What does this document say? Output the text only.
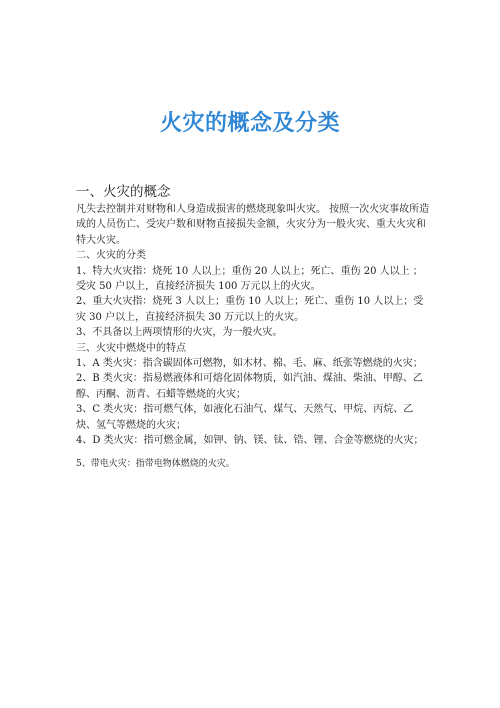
火灾的概念及分类
一、火灾的概念

凡失去控制并对财物和人身造成损害的燃烧现象叫火灾。 按照一次火灾事故所造成的人员伤亡、受灾户数和财物直接损失金额，火灾分为一般火灾、重大火灾和特大火灾。

二、火灾的分类

1、特大火灾指：烧死 10 人以上；重伤 20 人以上；死亡、重伤 20 人以上 ；受灾 50 户以上，直接经济损失 100 万元以上的火灾。

2、重大火灾指：烧死 3 人以上；重伤 10 人以上；死亡、重伤 10 人以上；受灾 30 户以上，直接经济损失 30 万元以上的火灾。

3、不具备以上两项情形的火灾，为一般火灾。

三、火灾中燃烧中的特点

1、A 类火灾：指含碳固体可燃物，如木材、棉、毛、麻、纸张等燃烧的火灾；

2、B 类火灾：指易燃液体和可熔化固体物质，如汽油、煤油、柴油、甲醇、乙醇、丙酮、沥青、石蜡等燃烧的火灾；

3、C 类火灾：指可燃气体，如液化石油气、煤气、天然气、甲烷、丙烷、乙炔、氢气等燃烧的火灾；

4、D 类火灾：指可燃金属，如钾、钠、镁、钛、锆、锂、合金等燃烧的火灾；

5、带电火灾：指带电物体燃烧的火灾。
